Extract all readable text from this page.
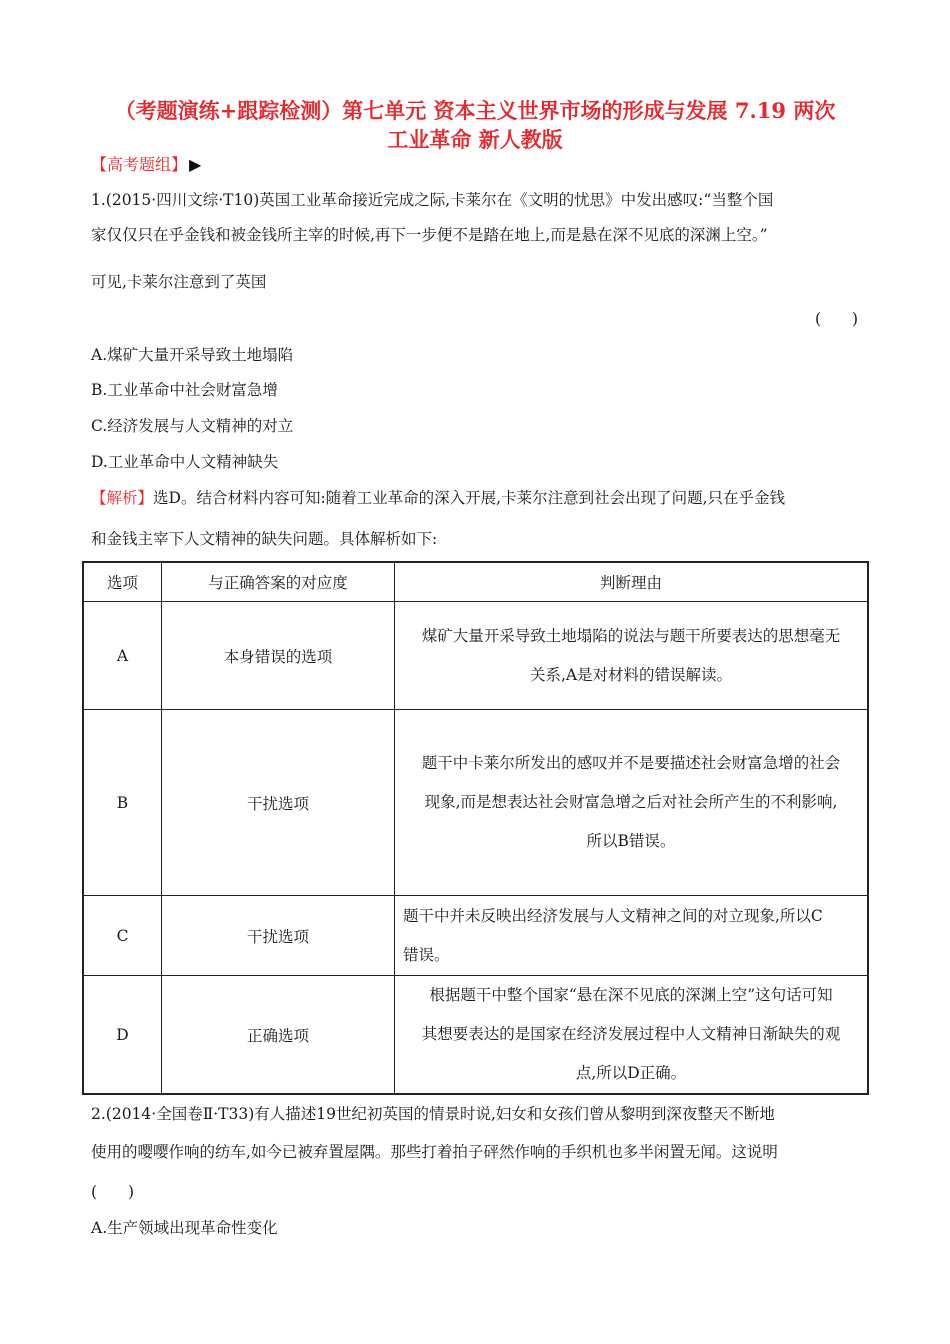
（考题演练+跟踪检测）第七单元 资本主义世界市场的形成与发展 7.19 两次
工业革命 新人教版
【高考题组】 ▶
1.(2015·四川文综·T10)英国工业革命接近完成之际,卡莱尔在《文明的忧思》中发出感叹:“当整个国
家仅仅只在乎金钱和被金钱所主宰的时候,再下一步便不是踏在地上,而是悬在深不见底的深渊上空。”
可见,卡莱尔注意到了英国
(　　)
A.煤矿大量开采导致土地塌陷
B.工业革命中社会财富急增
C.经济发展与人文精神的对立
D.工业革命中人文精神缺失
【解析】选D。结合材料内容可知:随着工业革命的深入开展,卡莱尔注意到社会出现了问题,只在乎金钱
和金钱主宰下人文精神的缺失问题。具体解析如下:
选项	与正确答案的对应度	判断理由
A	本身错误的选项	煤矿大量开采导致土地塌陷的说法与题干所要表达的思想毫无
关系,A是对材料的错误解读。

B	干扰选项	题干中卡莱尔所发出的感叹并不是要描述社会财富急增的社会
现象,而是想表达社会财富急增之后对社会所产生的不利影响,
所以B错误。

C	干扰选项	题干中并未反映出经济发展与人文精神之间的对立现象,所以C
错误。

D	正确选项	根据题干中整个国家“悬在深不见底的深渊上空”这句话可知
其想要表达的是国家在经济发展过程中人文精神日渐缺失的观
点,所以D正确。
2.(2014·全国卷Ⅱ·T33)有人描述19世纪初英国的情景时说,妇女和女孩们曾从黎明到深夜整天不断地
使用的嘤嘤作响的纺车,如今已被弃置屋隅。那些打着拍子砰然作响的手织机也多半闲置无闻。这说明
(　　)
A.生产领域出现革命性变化
